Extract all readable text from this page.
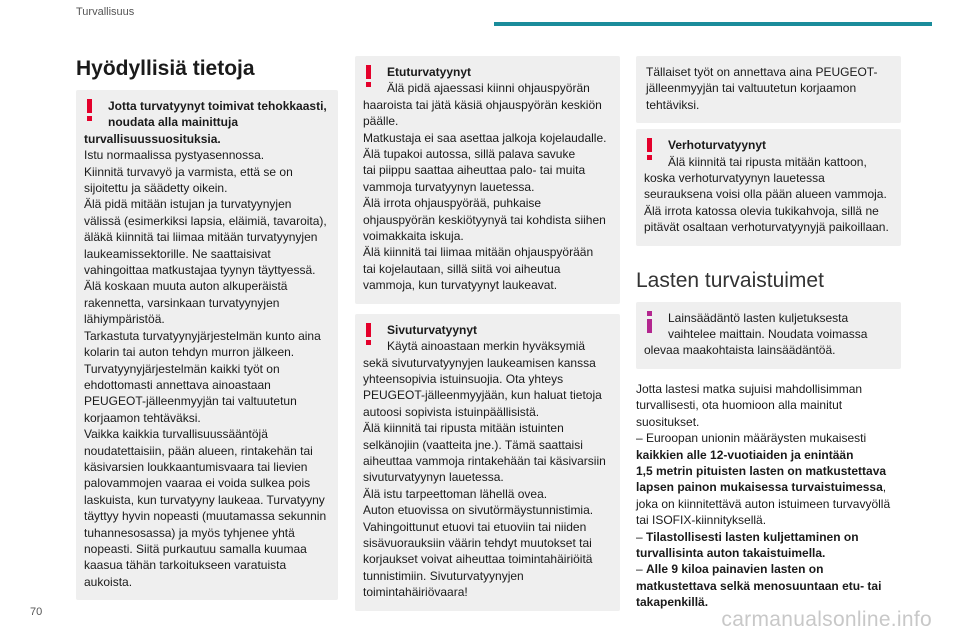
Turvallisuus
Hyödyllisiä tietoja
Jotta turvatyynyt toimivat tehokkaasti,
noudata alla mainittuja
turvallisuussuosituksia.
Istu normaalissa pystyasennossa.
Kiinnitä turvavyö ja varmista, että se on
sijoitettu ja säädetty oikein.
Älä pidä mitään istujan ja turvatyynyjen
välissä (esimerkiksi lapsia, eläimiä, tavaroita),
äläkä kiinnitä tai liimaa mitään turvatyynyjen
laukeamissektorille. Ne saattaisivat
vahingoittaa matkustajaa tyynyn täyttyessä.
Älä koskaan muuta auton alkuperäistä
rakennetta, varsinkaan turvatyynyjen
lähiympäristöä.
Tarkastuta turvatyynyjärjestelmän kunto aina
kolarin tai auton tehdyn murron jälkeen.
Turvatyynyjärjestelmän kaikki työt on
ehdottomasti annettava ainoastaan
PEUGEOT-jälleenmyyjän tai valtuutetun
korjaamon tehtäväksi.
Vaikka kaikkia turvallisuussääntöjä
noudatettaisiin, pään alueen, rintakehän tai
käsivarsien loukkaantumisvaara tai lievien
palovammojen vaaraa ei voida sulkea pois
laskuista, kun turvatyyny laukeaa. Turvatyyny
täyttyy hyvin nopeasti (muutamassa sekunnin
tuhannesosassa) ja myös tyhjenee yhtä
nopeasti. Siitä purkautuu samalla kuumaa
kaasua tähän tarkoitukseen varatuista
aukoista.
Etuturvatyynyt
Älä pidä ajaessasi kiinni ohjauspyörän
haaroista tai jätä käsiä ohjauspyörän keskiön
päälle.
Matkustaja ei saa asettaa jalkoja kojelaudalle.
Älä tupakoi autossa, sillä palava savuke
tai piippu saattaa aiheuttaa palo- tai muita
vammoja turvatyynyn lauetessa.
Älä irrota ohjauspyörää, puhkaise
ohjauspyörän keskiötyynyä tai kohdista siihen
voimakkaita iskuja.
Älä kiinnitä tai liimaa mitään ohjauspyörään
tai kojelautaan, sillä siitä voi aiheutua
vammoja, kun turvatyynyt laukeavat.
Sivuturvatyynyt
Käytä ainoastaan merkin hyväksymiä
sekä sivuturvatyynyjen laukeamisen kanssa
yhteensopivia istuinsuojia. Ota yhteys
PEUGEOT-jälleenmyyjään, kun haluat tietoja
autoosi sopivista istuinpäällisistä.
Älä kiinnitä tai ripusta mitään istuinten
selkänojiin (vaatteita jne.). Tämä saattaisi
aiheuttaa vammoja rintakehään tai käsivarsiin
sivuturvatyynyn lauetessa.
Älä istu tarpeettoman lähellä ovea.
Auton etuovissa on sivutörmäystunnistimia.
Vahingoittunut etuovi tai etuoviin tai niiden
sisävuorauksiin väärin tehdyt muutokset tai
korjaukset voivat aiheuttaa toimintahäiriöitä
tunnistimiin. Sivuturvatyynyjen
toimintahäiriövaara!
Tällaiset työt on annettava aina PEUGEOT-
jälleenmyyjän tai valtuutetun korjaamon
tehtäviksi.
Verhoturvatyynyt
Älä kiinnitä tai ripusta mitään kattoon,
koska verhoturvatyynyn lauetessa
seurauksena voisi olla pään alueen vammoja.
Älä irrota katossa olevia tukikahvoja, sillä ne
pitävät osaltaan verhoturvatyynyjä paikoillaan.
Lasten turvaistuimet
Lainsäädäntö lasten kuljetuksesta
vaihtelee maittain. Noudata voimassa
olevaa maakohtaista lainsäädäntöä.
Jotta lastesi matka sujuisi mahdollisimman
turvallisesti, ota huomioon alla mainitut
suositukset.
– Euroopan unionin määräysten mukaisesti
kaikkien alle 12-vuotiaiden ja enintään
1,5 metrin pituisten lasten on matkustettava
lapsen painon mukaisessa turvaistuimessa,
joka on kiinnitettävä auton istuimeen turvavyöllä
tai ISOFIX-kiinnityksellä.
– Tilastollisesti lasten kuljettaminen on
turvallisinta auton takaistuimella.
– Alle 9 kiloa painavien lasten on
matkustettava selkä menosuuntaan etu- tai
takapenkillä.
70	carmanualsonline.info
